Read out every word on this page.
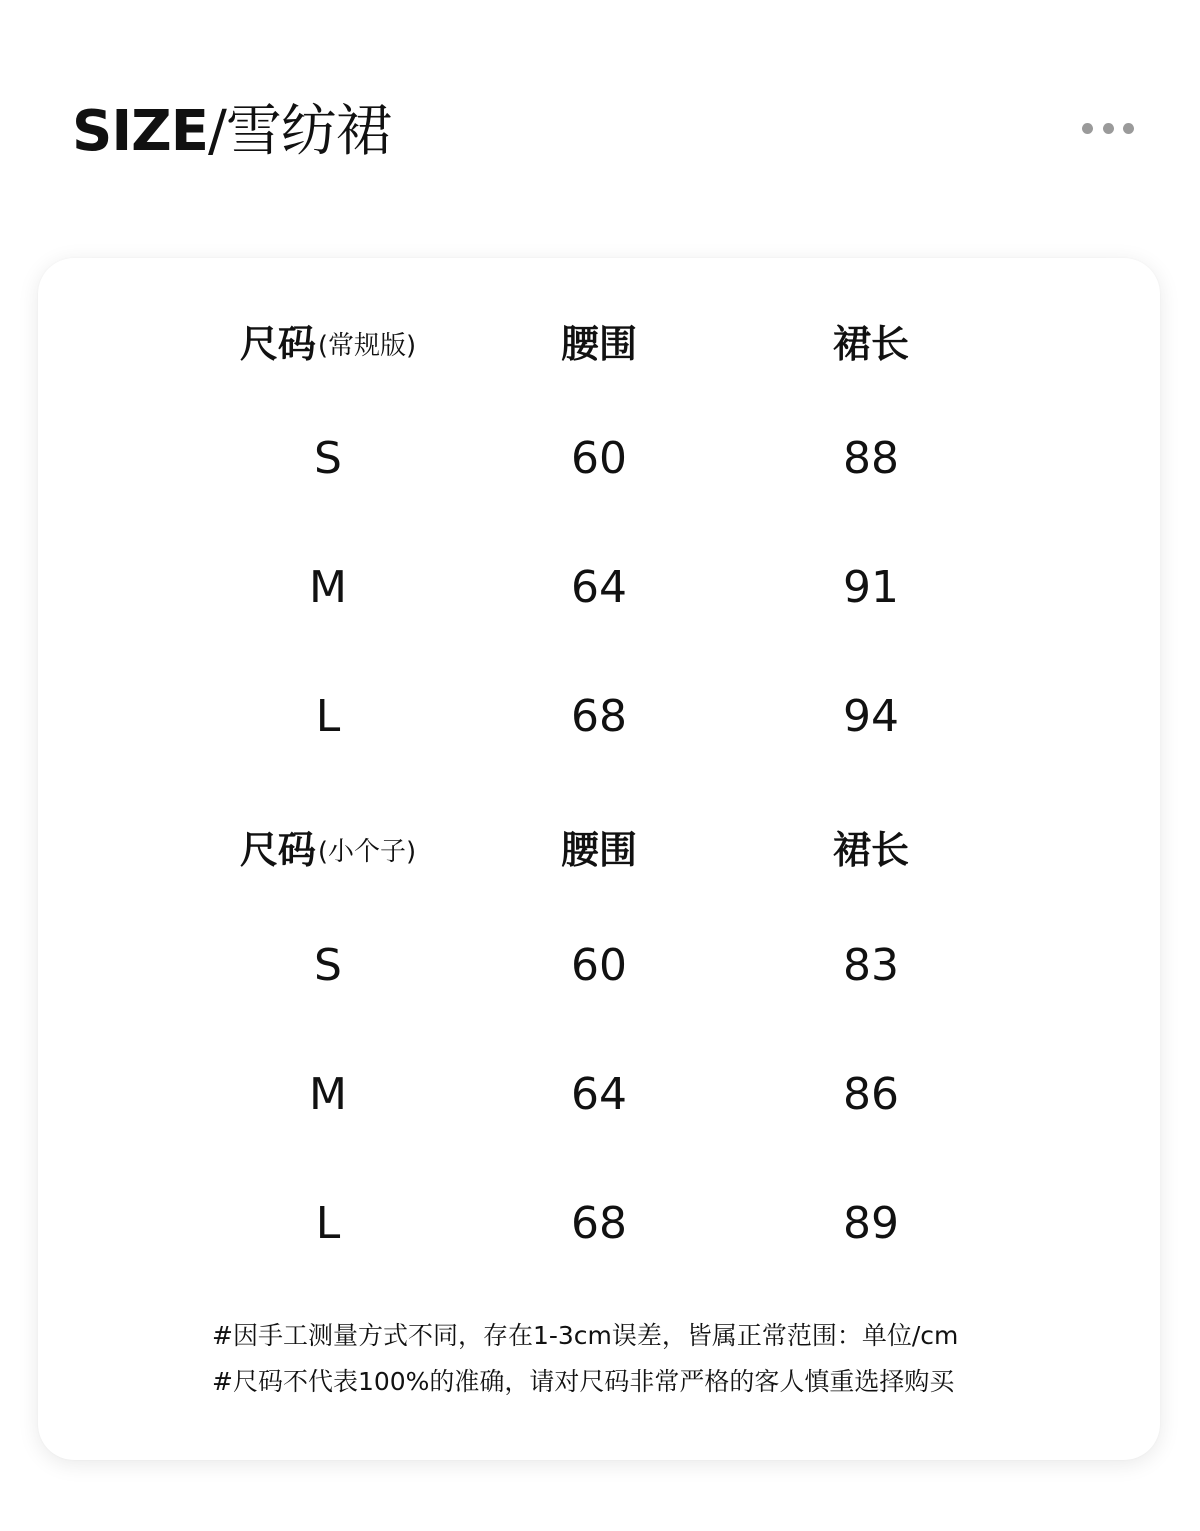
SIZE/雪纺裙
尺码 (常规版)	腰围	裙长
S	60	88
M	64	91
L	68	94
尺码 (小个子)	腰围	裙长
S	60	83
M	64	86
L	68	89
#因手工测量方式不同，存在1-3cm误差，皆属正常范围：单位/cm
#尺码不代表100%的准确，请对尺码非常严格的客人慎重选择购买
